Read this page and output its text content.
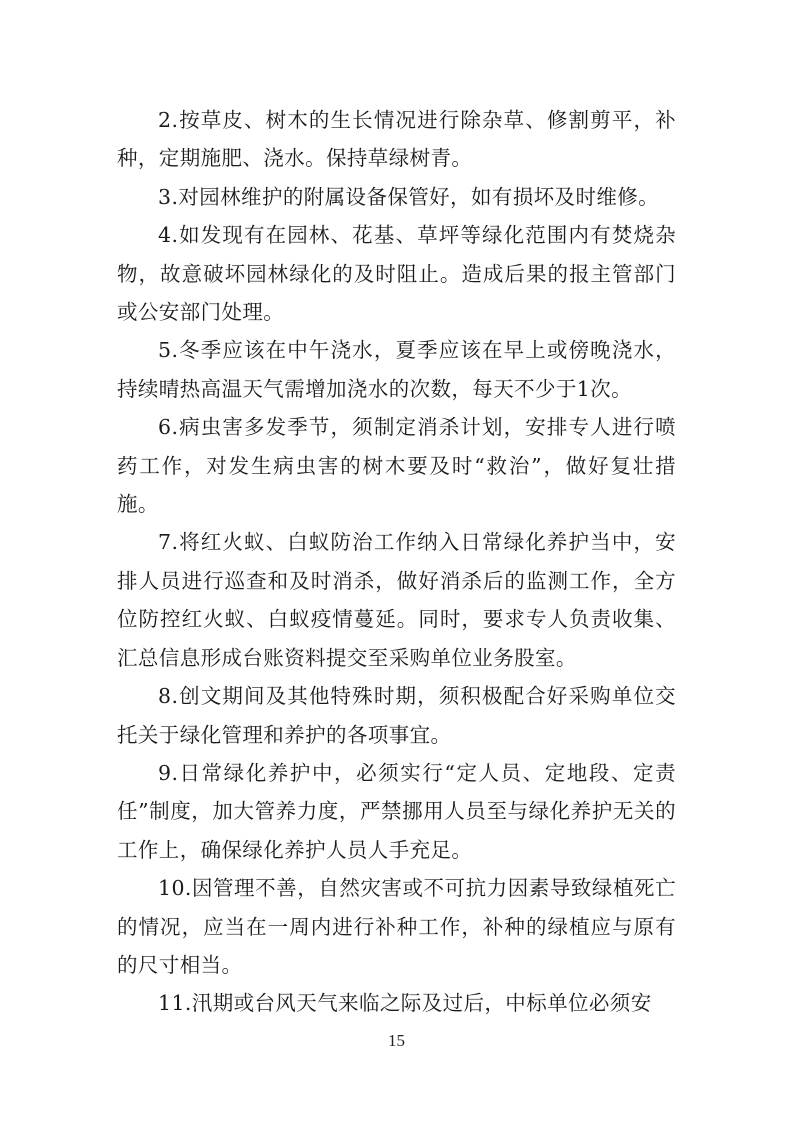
2.按草皮、树木的生长情况进行除杂草、修割剪平，补种，定期施肥、浇水。保持草绿树青。

3.对园林维护的附属设备保管好，如有损坏及时维修。

4.如发现有在园林、花基、草坪等绿化范围内有焚烧杂物，故意破坏园林绿化的及时阻止。造成后果的报主管部门或公安部门处理。

5.冬季应该在中午浇水，夏季应该在早上或傍晚浇水，持续晴热高温天气需增加浇水的次数，每天不少于1次。

6.病虫害多发季节，须制定消杀计划，安排专人进行喷药工作，对发生病虫害的树木要及时“救治”，做好复壮措施。

7.将红火蚁、白蚁防治工作纳入日常绿化养护当中，安排人员进行巡查和及时消杀，做好消杀后的监测工作，全方位防控红火蚁、白蚁疫情蔓延。同时，要求专人负责收集、汇总信息形成台账资料提交至采购单位业务股室。

8.创文期间及其他特殊时期，须积极配合好采购单位交托关于绿化管理和养护的各项事宜。

9.日常绿化养护中，必须实行“定人员、定地段、定责任”制度，加大管养力度，严禁挪用人员至与绿化养护无关的工作上，确保绿化养护人员人手充足。

10.因管理不善，自然灾害或不可抗力因素导致绿植死亡的情况，应当在一周内进行补种工作，补种的绿植应与原有的尺寸相当。

11.汛期或台风天气来临之际及过后，中标单位必须安

15
